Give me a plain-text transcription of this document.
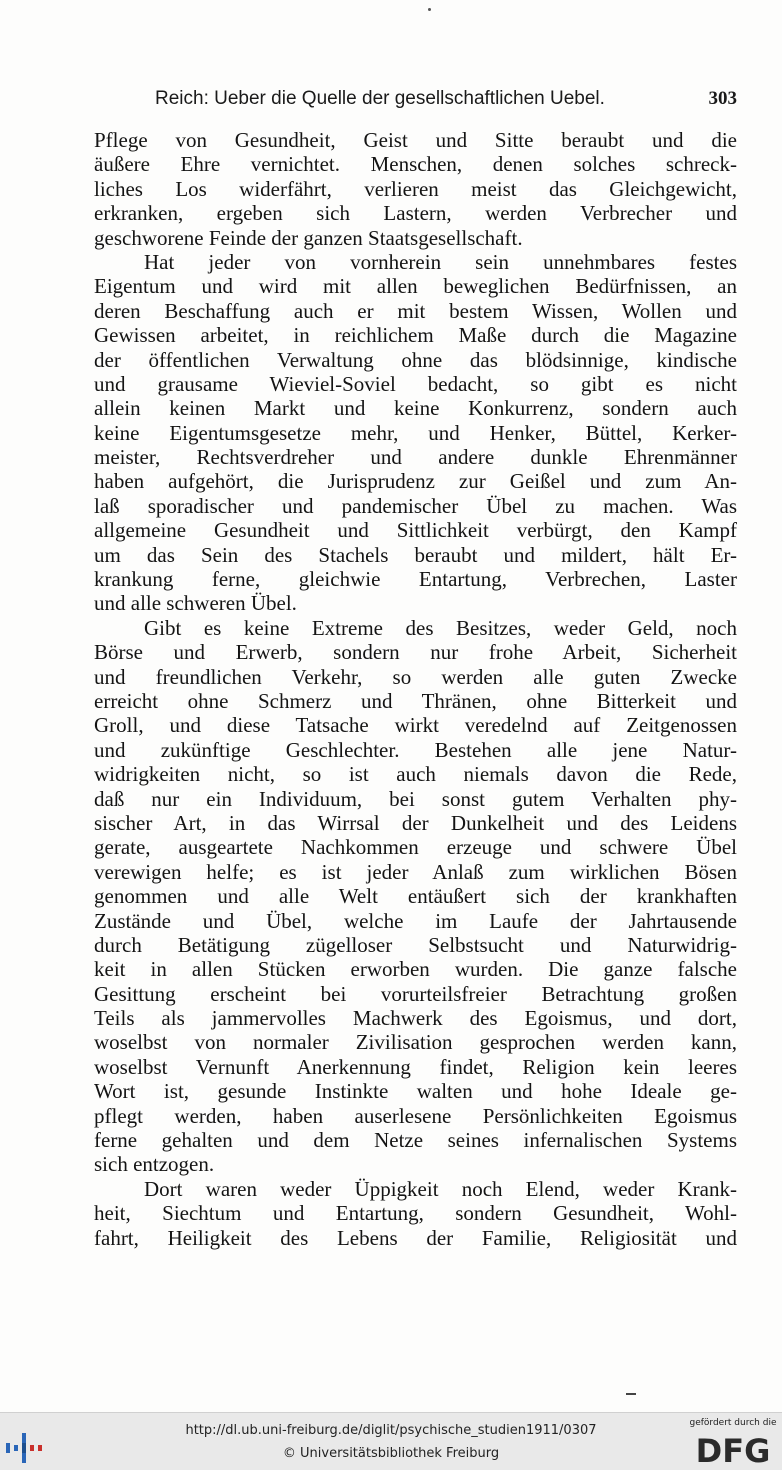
Reich: Ueber die Quelle der gesellschaftlichen Uebel.	303
Pflege von Gesundheit, Geist und Sitte beraubt und die
äußere Ehre vernichtet. Menschen, denen solches schreck-
liches Los widerfährt, verlieren meist das Gleichgewicht,
erkranken, ergeben sich Lastern, werden Verbrecher und
geschworene Feinde der ganzen Staatsgesellschaft.
Hat jeder von vornherein sein unnehmbares festes
Eigentum und wird mit allen beweglichen Bedürfnissen, an
deren Beschaffung auch er mit bestem Wissen, Wollen und
Gewissen arbeitet, in reichlichem Maße durch die Magazine
der öffentlichen Verwaltung ohne das blödsinnige, kindische
und grausame Wieviel-Soviel bedacht, so gibt es nicht
allein keinen Markt und keine Konkurrenz, sondern auch
keine Eigentumsgesetze mehr, und Henker, Büttel, Kerker-
meister, Rechtsverdreher und andere dunkle Ehrenmänner
haben aufgehört, die Jurisprudenz zur Geißel und zum An-
laß sporadischer und pandemischer Übel zu machen. Was
allgemeine Gesundheit und Sittlichkeit verbürgt, den Kampf
um das Sein des Stachels beraubt und mildert, hält Er-
krankung ferne, gleichwie Entartung, Verbrechen, Laster
und alle schweren Übel.
Gibt es keine Extreme des Besitzes, weder Geld, noch
Börse und Erwerb, sondern nur frohe Arbeit, Sicherheit
und freundlichen Verkehr, so werden alle guten Zwecke
erreicht ohne Schmerz und Thränen, ohne Bitterkeit und
Groll, und diese Tatsache wirkt veredelnd auf Zeitgenossen
und zukünftige Geschlechter. Bestehen alle jene Natur-
widrigkeiten nicht, so ist auch niemals davon die Rede,
daß nur ein Individuum, bei sonst gutem Verhalten phy-
sischer Art, in das Wirrsal der Dunkelheit und des Leidens
gerate, ausgeartete Nachkommen erzeuge und schwere Übel
verewigen helfe; es ist jeder Anlaß zum wirklichen Bösen
genommen und alle Welt entäußert sich der krankhaften
Zustände und Übel, welche im Laufe der Jahrtausende
durch Betätigung zügelloser Selbstsucht und Naturwidrig-
keit in allen Stücken erworben wurden. Die ganze falsche
Gesittung erscheint bei vorurteilsfreier Betrachtung großen
Teils als jammervolles Machwerk des Egoismus, und dort,
woselbst von normaler Zivilisation gesprochen werden kann,
woselbst Vernunft Anerkennung findet, Religion kein leeres
Wort ist, gesunde Instinkte walten und hohe Ideale ge-
pflegt werden, haben auserlesene Persönlichkeiten Egoismus
ferne gehalten und dem Netze seines infernalischen Systems
sich entzogen.
Dort waren weder Üppigkeit noch Elend, weder Krank-
heit, Siechtum und Entartung, sondern Gesundheit, Wohl-
fahrt, Heiligkeit des Lebens der Familie, Religiosität und
http://dl.ub.uni-freiburg.de/diglit/psychische_studien1911/0307
© Universitätsbibliothek Freiburg
gefördert durch die
DFG
